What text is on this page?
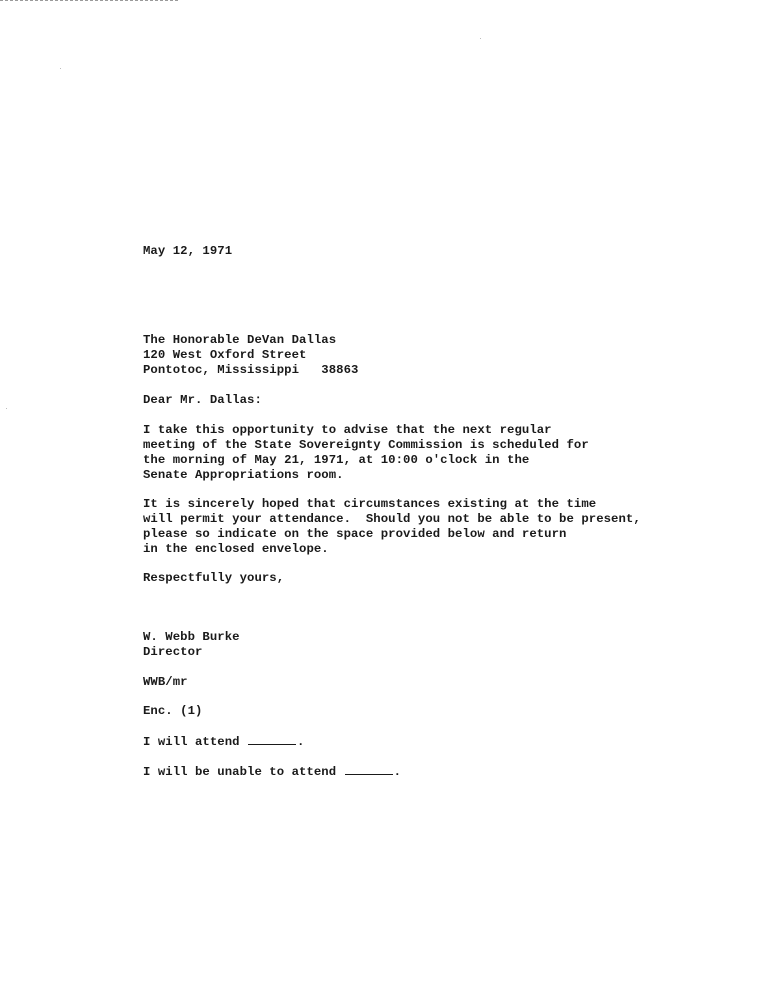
May 12, 1971
The Honorable DeVan Dallas
120 West Oxford Street
Pontotoc, Mississippi   38863
Dear Mr. Dallas:
I take this opportunity to advise that the next regular
meeting of the State Sovereignty Commission is scheduled for
the morning of May 21, 1971, at 10:00 o'clock in the
Senate Appropriations room.
It is sincerely hoped that circumstances existing at the time
will permit your attendance.  Should you not be able to be present,
please so indicate on the space provided below and return
in the enclosed envelope.
Respectfully yours,
W. Webb Burke
Director
WWB/mr
Enc. (1)
I will attend	.
I will be unable to attend	.
